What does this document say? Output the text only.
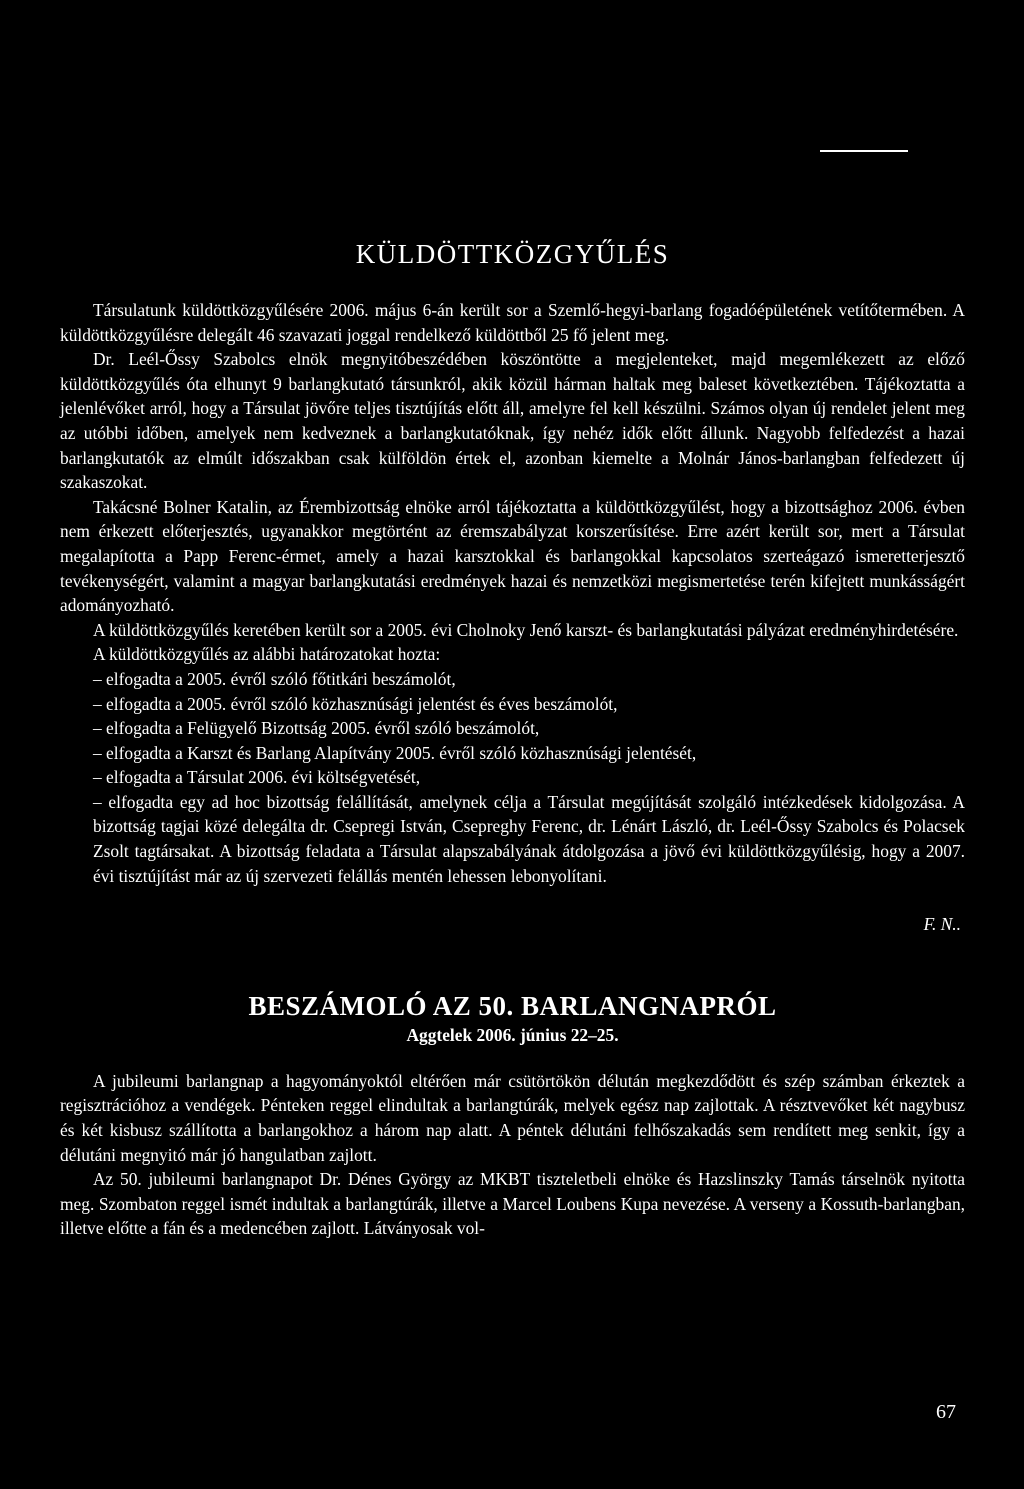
KÜLDÖTTKÖZGYŰLÉS

Társulatunk küldöttközgyűlésére 2006. május 6-án került sor a Szemlő-hegyi-barlang fogadóépületének vetítőtermében. A küldöttközgyűlésre delegált 46 szavazati joggal rendelkező küldöttből 25 fő jelent meg.

Dr. Leél-Őssy Szabolcs elnök megnyitóbeszédében köszöntötte a megjelenteket, majd megemlékezett az előző küldöttközgyűlés óta elhunyt 9 barlangkutató társunkról, akik közül hárman haltak meg baleset következtében. Tájékoztatta a jelenlévőket arról, hogy a Társulat jövőre teljes tisztújítás előtt áll, amelyre fel kell készülni. Számos olyan új rendelet jelent meg az utóbbi időben, amelyek nem kedveznek a barlangkutatóknak, így nehéz idők előtt állunk. Nagyobb felfedezést a hazai barlangkutatók az elmúlt időszakban csak külföldön értek el, azonban kiemelte a Molnár János-barlangban felfedezett új szakaszokat.

Takácsné Bolner Katalin, az Érembizottság elnöke arról tájékoztatta a küldöttközgyűlést, hogy a bizottsághoz 2006. évben nem érkezett előterjesztés, ugyanakkor megtörtént az éremszabályzat korszerűsítése. Erre azért került sor, mert a Társulat megalapította a Papp Ferenc-érmet, amely a hazai karsztokkal és barlangokkal kapcsolatos szerteágazó ismeretterjesztő tevékenységért, valamint a magyar barlangkutatási eredmények hazai és nemzetközi megismertetése terén kifejtett munkásságért adományozható.

A küldöttközgyűlés keretében került sor a 2005. évi Cholnoky Jenő karszt- és barlangkutatási pályázat eredményhirdetésére.

A küldöttközgyűlés az alábbi határozatokat hozta:

– elfogadta a 2005. évről szóló főtitkári beszámolót,
– elfogadta a 2005. évről szóló közhasznúsági jelentést és éves beszámolót,
– elfogadta a Felügyelő Bizottság 2005. évről szóló beszámolót,
– elfogadta a Karszt és Barlang Alapítvány 2005. évről szóló közhasznúsági jelentését,
– elfogadta a Társulat 2006. évi költségvetését,
– elfogadta egy ad hoc bizottság felállítását, amelynek célja a Társulat megújítását szolgáló intézkedések kidolgozása. A bizottság tagjai közé delegálta dr. Csepregi István, Csepreghy Ferenc, dr. Lénárt László, dr. Leél-Őssy Szabolcs és Polacsek Zsolt tagtársakat. A bizottság feladata a Társulat alapszabályának átdolgozása a jövő évi küldöttközgyűlésig, hogy a 2007. évi tisztújítást már az új szervezeti felállás mentén lehessen lebonyolítani.
F. N..
BESZÁMOLÓ AZ 50. BARLANGNAPRÓL
Aggtelek 2006. június 22–25.

A jubileumi barlangnap a hagyományoktól eltérően már csütörtökön délután megkezdődött és szép számban érkeztek a regisztrációhoz a vendégek. Pénteken reggel elindultak a barlangtúrák, melyek egész nap zajlottak. A résztvevőket két nagybusz és két kisbusz szállította a barlangokhoz a három nap alatt. A péntek délutáni felhőszakadás sem rendített meg senkit, így a délutáni megnyitó már jó hangulatban zajlott.

Az 50. jubileumi barlangnapot Dr. Dénes György az MKBT tiszteletbeli elnöke és Hazslinszky Tamás társelnök nyitotta meg. Szombaton reggel ismét indultak a barlangtúrák, illetve a Marcel Loubens Kupa nevezése. A verseny a Kossuth-barlangban, illetve előtte a fán és a medencében zajlott. Látványosak vol-

67
